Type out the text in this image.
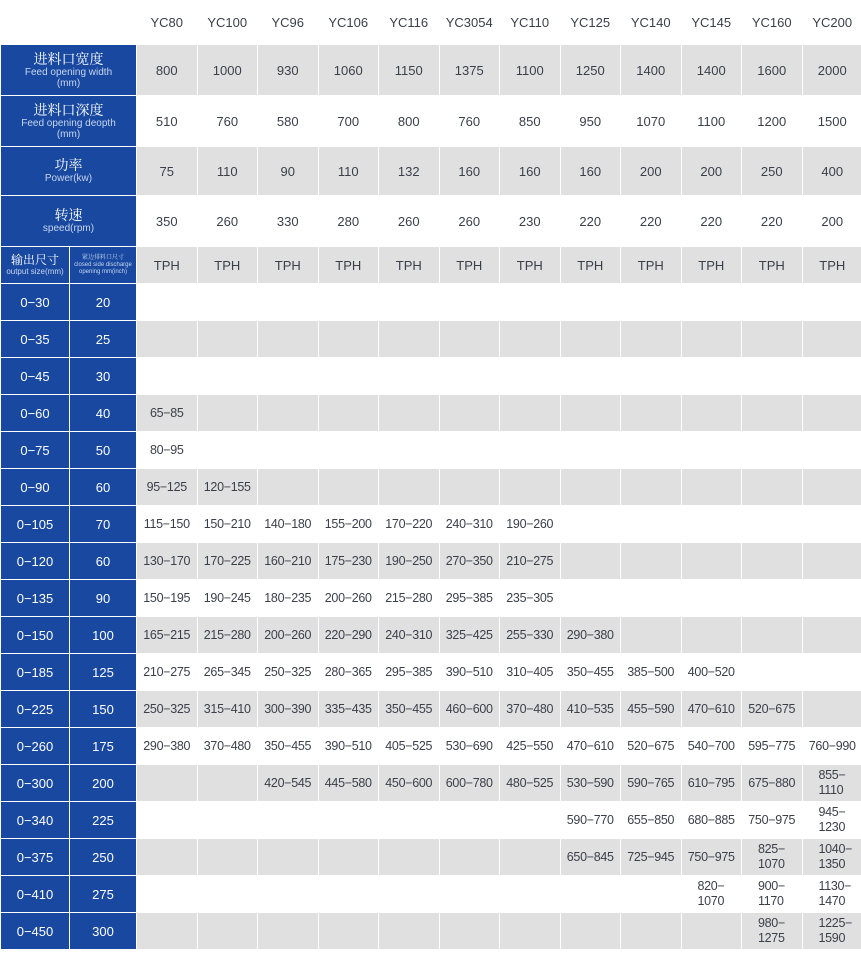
		YC80	YC100	YC96	YC106	YC116	YC3054	YC110	YC125	YC140	YC145	YC160	YC200

进料口宽度
Feed opening width
(mm)		800	1000	930	1060	1150	1375	1100	1250	1400	1400	1600	2000

进料口深度
Feed opening deopth
(mm)		510	760	580	700	800	760	850	950	1070	1100	1200	1500

功率
Power(kw)		75	110	90	110	132	160	160	160	200	200	250	400

转速
speed(rpm)		350	260	330	280	260	260	230	220	220	220	220	200

输出尺寸
output size(mm)	紧边排料口尺寸
closed side discharge opening mm(inch)	TPH	TPH	TPH	TPH	TPH	TPH	TPH	TPH	TPH	TPH	TPH	TPH
0−30	20												
0−35	25												
0−45	30												
0−60	40	65−85											
0−75	50	80−95											
0−90	60	95−125	120−155										
0−105	70	115−150	150−210	140−180	155−200	170−220	240−310	190−260					
0−120	60	130−170	170−225	160−210	175−230	190−250	270−350	210−275					
0−135	90	150−195	190−245	180−235	200−260	215−280	295−385	235−305					
0−150	100	165−215	215−280	200−260	220−290	240−310	325−425	255−330	290−380				
0−185	125	210−275	265−345	250−325	280−365	295−385	390−510	310−405	350−455	385−500	400−520		
0−225	150	250−325	315−410	300−390	335−435	350−455	460−600	370−480	410−535	455−590	470−610	520−675	
0−260	175	290−380	370−480	350−455	390−510	405−525	530−690	425−550	470−610	520−675	540−700	595−775	760−990
0−300	200			420−545	445−580	450−600	600−780	480−525	530−590	590−765	610−795	675−880	855−​1110
0−340	225								590−770	655−850	680−885	750−975	945−​1230
0−375	250								650−845	725−945	750−975	825−​1070	1040−​1350
0−410	275										820−​1070	900−​1170	1130−​1470
0−450	300											980−​1275	1225−​1590
